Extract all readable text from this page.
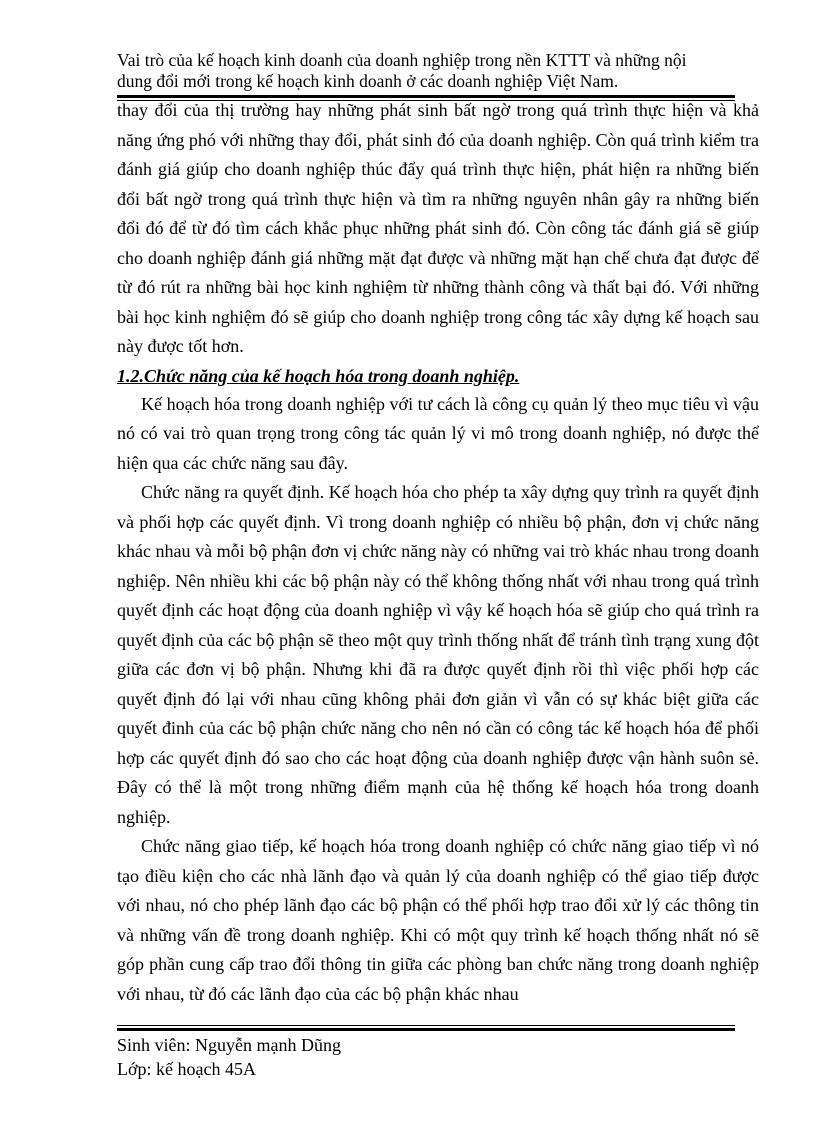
Vai trò của kế hoạch kinh doanh của doanh nghiệp trong nền KTTT và những nội
dung đổi mới trong kế hoạch kinh doanh ở các doanh nghiệp Việt Nam.

thay đổi của thị trường hay những phát sinh bất ngờ trong quá trình thực hiện và khả năng ứng phó với những thay đổi, phát sinh đó của doanh nghiệp. Còn quá trình kiểm tra đánh giá giúp cho doanh nghiệp thúc đẩy quá trình thực hiện, phát hiện ra những biến đổi bất ngờ trong quá trình thực hiện và tìm ra những nguyên nhân gây ra những biến đổi đó để từ đó tìm cách khắc phục những phát sinh đó. Còn công tác đánh giá sẽ giúp cho doanh nghiệp đánh giá những mặt đạt được và những mặt hạn chế chưa đạt được để từ đó rút ra những bài học kinh nghiệm từ những thành công và thất bại đó. Với những bài học kinh nghiệm đó sẽ giúp cho doanh nghiệp trong công tác xây dựng kế hoạch sau này được tốt hơn.

1.2.Chức năng của kế hoạch hóa trong doanh nghiệp.

Kế hoạch hóa trong doanh nghiệp với tư cách là công cụ quản lý theo mục tiêu vì vậu nó có vai trò quan trọng trong công tác quản lý vi mô trong doanh nghiệp, nó được thể hiện qua các chức năng sau đây.

Chức năng ra quyết định. Kế hoạch hóa cho phép ta xây dựng quy trình ra quyết định và phối hợp các quyết định. Vì trong doanh nghiệp có nhiều bộ phận, đơn vị chức năng khác nhau và mỗi bộ phận đơn vị chức năng này có những vai trò khác nhau trong doanh nghiệp. Nên nhiều khi các bộ phận này có thể không thống nhất với nhau trong quá trình quyết định các hoạt động của doanh nghiệp vì vậy kế hoạch hóa sẽ giúp cho quá trình ra quyết định của các bộ phận sẽ theo một quy trình thống nhất để tránh tình trạng xung đột giữa các đơn vị bộ phận. Nhưng khi đã ra được quyết định rồi thì việc phối hợp các quyết định đó lại với nhau cũng không phải đơn giản vì vẫn có sự khác biệt giữa các quyết đinh của các bộ phận chức năng cho nên nó cần có công tác kế hoạch hóa để phối hợp các quyết định đó sao cho các hoạt động của doanh nghiệp được vận hành suôn sẻ. Đây có thể là một trong những điểm mạnh của hệ thống kế hoạch hóa trong doanh nghiệp.

Chức năng giao tiếp, kế hoạch hóa trong doanh nghiệp có chức năng giao tiếp vì nó tạo điều kiện cho các nhà lãnh đạo và quản lý của doanh nghiệp có thể giao tiếp được với nhau, nó cho phép lãnh đạo các bộ phận có thể phối hợp trao đổi xử lý các thông tin và những vấn đề trong doanh nghiệp. Khi có một quy trình kế hoạch thống nhất nó sẽ góp phần cung cấp trao đổi thông tin giữa các phòng ban chức năng trong doanh nghiệp với nhau, từ đó các lãnh đạo của các bộ phận khác nhau

Sinh viên: Nguyễn mạnh Dũng
Lớp: kế hoạch 45A
